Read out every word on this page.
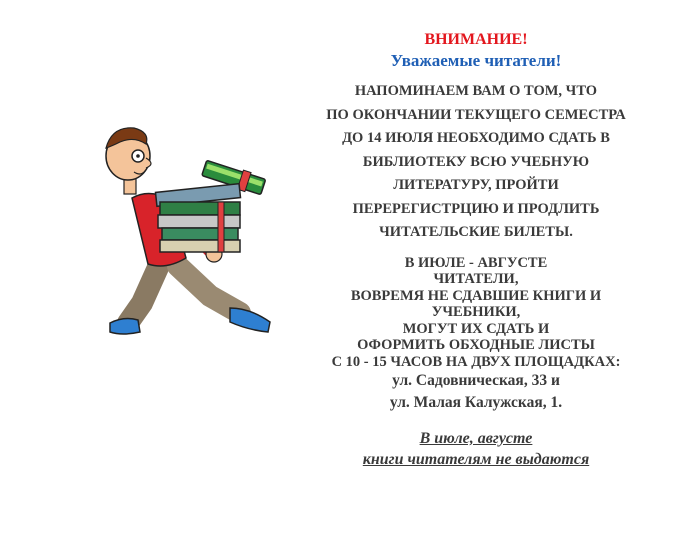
ВНИМАНИЕ!
Уважаемые читатели!
НАПОМИНАЕМ ВАМ О ТОМ, ЧТО
ПО ОКОНЧАНИИ ТЕКУЩЕГО СЕМЕСТРА
ДО 14 ИЮЛЯ НЕОБХОДИМО СДАТЬ В
БИБЛИОТЕКУ ВСЮ УЧЕБНУЮ
ЛИТЕРАТУРУ, ПРОЙТИ
ПЕРЕРЕГИСТРЦИЮ И ПРОДЛИТЬ
ЧИТАТЕЛЬСКИЕ БИЛЕТЫ.
В ИЮЛЕ - АВГУСТЕ
ЧИТАТЕЛИ,
ВОВРЕМЯ НЕ СДАВШИЕ КНИГИ И
УЧЕБНИКИ,
МОГУТ ИХ СДАТЬ И
ОФОРМИТЬ ОБХОДНЫЕ ЛИСТЫ
С 10 - 15 ЧАСОВ НА ДВУХ ПЛОЩАДКАХ:
ул. Садовническая, 33 и
ул. Малая Калужская, 1.
В июле, августе
книги читателям не выдаются
